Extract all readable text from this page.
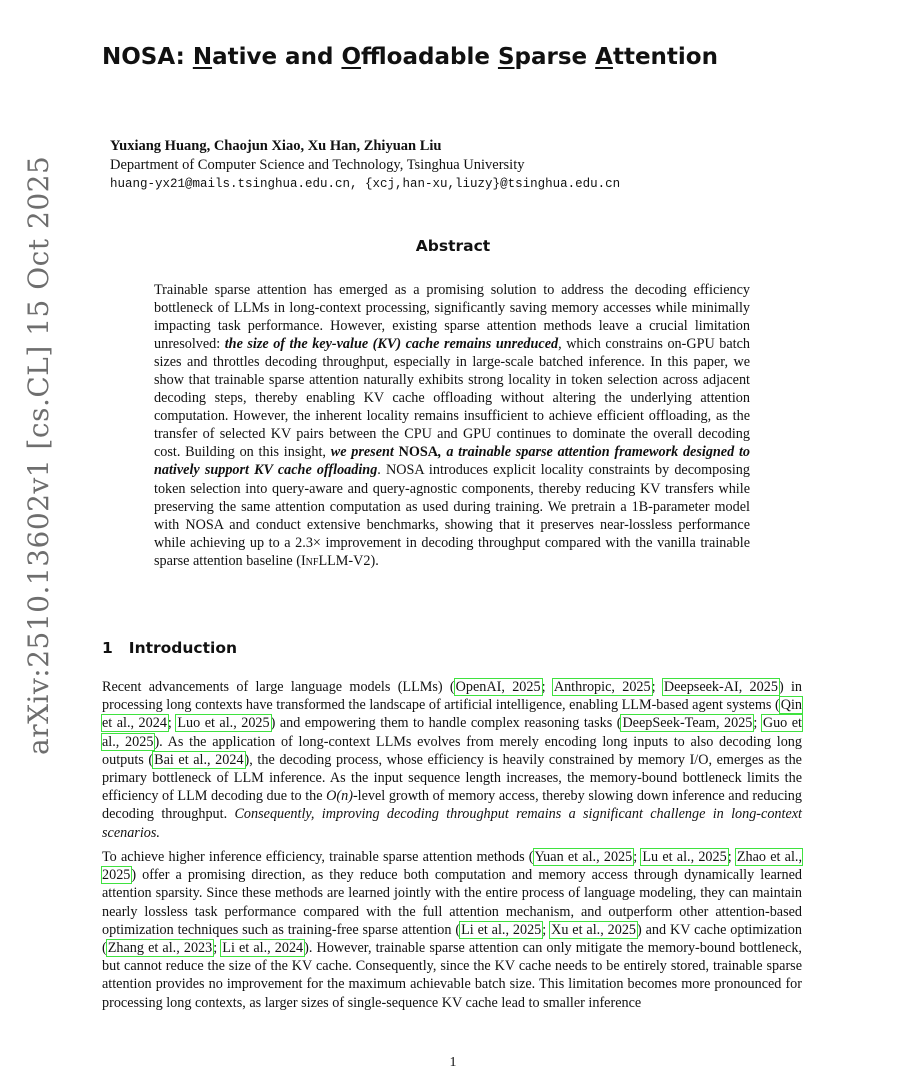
arXiv:2510.13602v1 [cs.CL] 15 Oct 2025
NOSA: Native and Offloadable Sparse Attention
Yuxiang Huang, Chaojun Xiao, Xu Han, Zhiyuan Liu
Department of Computer Science and Technology, Tsinghua University
huang-yx21@mails.tsinghua.edu.cn, {xcj,han-xu,liuzy}@tsinghua.edu.cn
Abstract

Trainable sparse attention has emerged as a promising solution to address the decoding efficiency bottleneck of LLMs in long-context processing, significantly saving memory accesses while minimally impacting task performance. However, existing sparse attention methods leave a crucial limitation unresolved: the size of the key-value (KV) cache remains unreduced, which constrains on-GPU batch sizes and throttles decoding throughput, especially in large-scale batched inference. In this paper, we show that trainable sparse attention naturally exhibits strong locality in token selection across adjacent decoding steps, thereby enabling KV cache offloading without altering the underlying attention computation. However, the inherent locality remains insufficient to achieve efficient offloading, as the transfer of selected KV pairs between the CPU and GPU continues to dominate the overall decoding cost. Building on this insight, we present NOSA, a trainable sparse attention framework designed to natively support KV cache offloading. NOSA introduces explicit locality constraints by decomposing token selection into query-aware and query-agnostic components, thereby reducing KV transfers while preserving the same attention computation as used during training. We pretrain a 1B-parameter model with NOSA and conduct extensive benchmarks, showing that it preserves near-lossless performance while achieving up to a 2.3× improvement in decoding throughput compared with the vanilla trainable sparse attention baseline (InfLLM-V2).

1 Introduction

Recent advancements of large language models (LLMs) (OpenAI, 2025; Anthropic, 2025; Deepseek-AI, 2025) in processing long contexts have transformed the landscape of artificial intelligence, enabling LLM-based agent systems (Qin et al., 2024; Luo et al., 2025) and empowering them to handle complex reasoning tasks (DeepSeek-Team, 2025; Guo et al., 2025). As the application of long-context LLMs evolves from merely encoding long inputs to also decoding long outputs (Bai et al., 2024), the decoding process, whose efficiency is heavily constrained by memory I/O, emerges as the primary bottleneck of LLM inference. As the input sequence length increases, the memory-bound bottleneck limits the efficiency of LLM decoding due to the O(n)-level growth of memory access, thereby slowing down inference and reducing decoding throughput. Consequently, improving decoding throughput remains a significant challenge in long-context scenarios.

To achieve higher inference efficiency, trainable sparse attention methods (Yuan et al., 2025; Lu et al., 2025; Zhao et al., 2025) offer a promising direction, as they reduce both computation and memory access through dynamically learned attention sparsity. Since these methods are learned jointly with the entire process of language modeling, they can maintain nearly lossless task performance compared with the full attention mechanism, and outperform other attention-based optimization techniques such as training-free sparse attention (Li et al., 2025; Xu et al., 2025) and KV cache optimization (Zhang et al., 2023; Li et al., 2024). However, trainable sparse attention can only mitigate the memory-bound bottleneck, but cannot reduce the size of the KV cache. Consequently, since the KV cache needs to be entirely stored, trainable sparse attention provides no improvement for the maximum achievable batch size. This limitation becomes more pronounced for processing long contexts, as larger sizes of single-sequence KV cache lead to smaller inference

1
